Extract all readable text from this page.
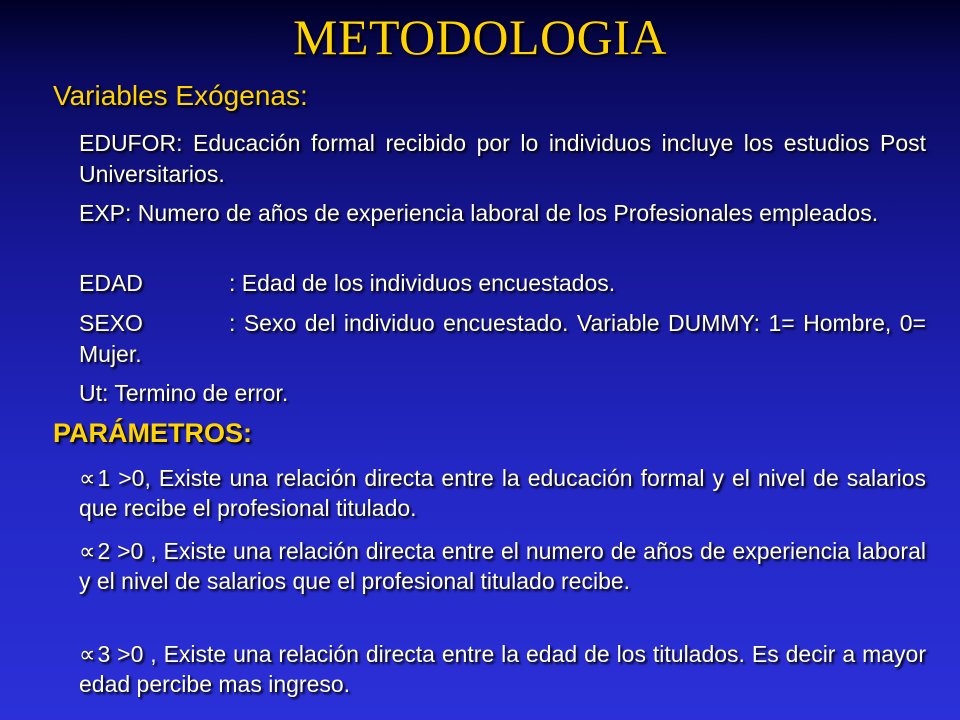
METODOLOGIA
Variables Exógenas:
EDUFOR: Educación formal recibido por lo individuos incluye los estudios Post Universitarios.
EXP: Numero de años de experiencia laboral de los Profesionales empleados.
EDAD	: Edad de los individuos encuestados.
SEXO	: Sexo del individuo encuestado. Variable DUMMY: 1= Hombre, 0= Mujer.
Ut: Termino de error.
PARÁMETROS:
∝1 >0, Existe una relación directa entre la educación formal y el nivel de salarios que recibe el profesional titulado.
∝2 >0 , Existe una relación directa entre el numero de años de experiencia laboral y el nivel de salarios que el profesional titulado recibe.
∝3 >0 , Existe una relación directa entre la edad de los titulados. Es decir a mayor edad percibe mas ingreso.
